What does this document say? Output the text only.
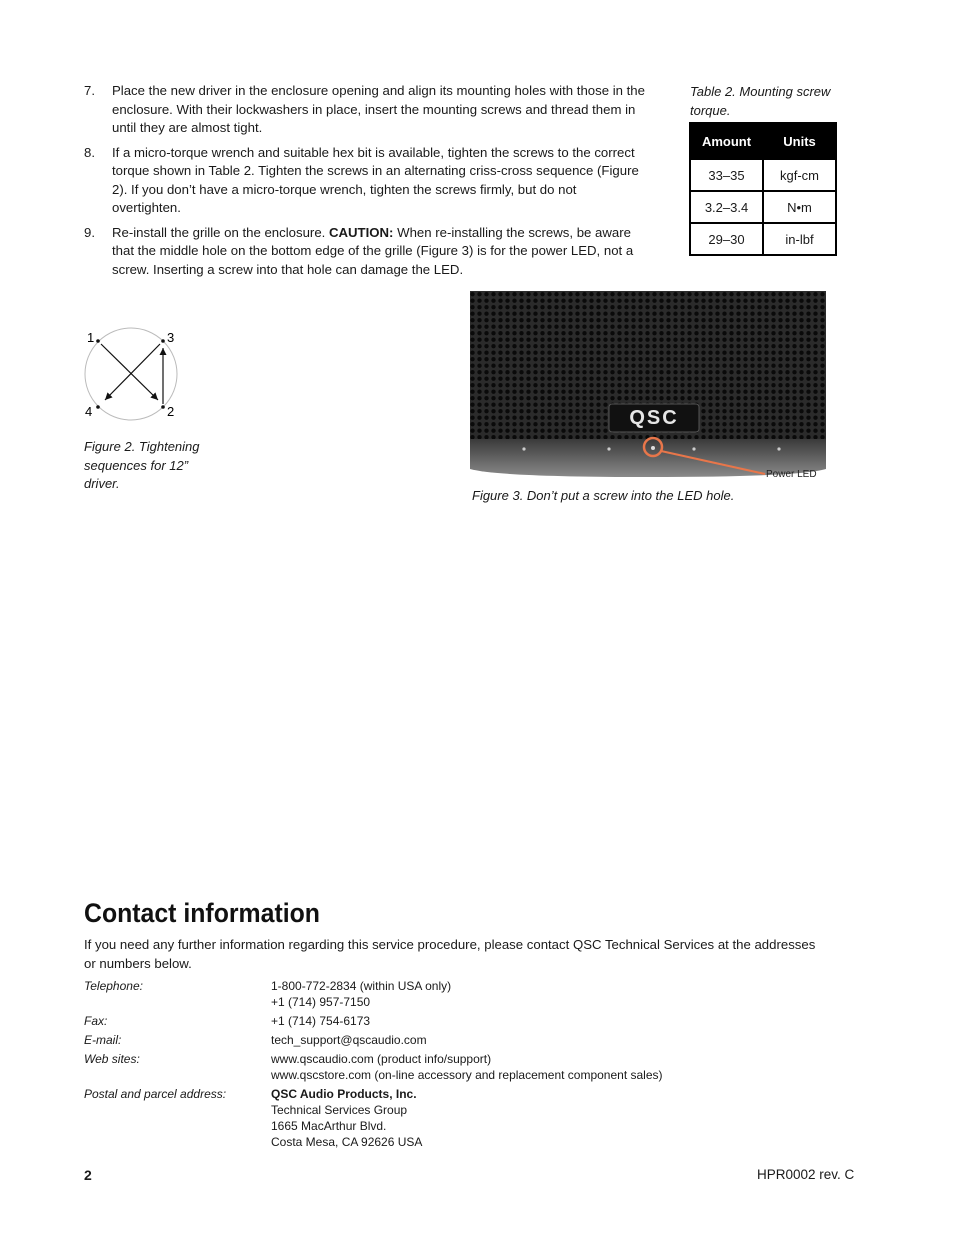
7.	Place the new driver in the enclosure opening and align its mounting holes with those in the enclosure. With their lockwashers in place, insert the mounting screws and thread them in until they are almost tight.
8.	If a micro-torque wrench and suitable hex bit is available, tighten the screws to the correct torque shown in Table 2. Tighten the screws in an alternating criss-cross sequence (Figure 2). If you don’t have a micro-torque wrench, tighten the screws firmly, but do not overtighten.
9.	Re-install the grille on the enclosure. CAUTION: When re-installing the screws, be aware that the middle hole on the bottom edge of the grille (Figure 3) is for the power LED, not a screw. Inserting a screw into that hole can damage the LED.
Table 2. Mounting screw torque.
Amount	Units
33–35	kgf-cm
3.2–3.4	N•m
29–30	in-lbf
1	3
4	2
Figure 2. Tightening sequences for 12” driver.
QSC
Power LED
Figure 3. Don’t put a screw into the LED hole.
Contact information
If you need any further information regarding this service procedure, please contact QSC Technical Services at the addresses or numbers below.
Telephone:	1-800-772-2834 (within USA only)
+1 (714) 957-7150
Fax:	+1 (714) 754-6173
E-mail:	tech_support@qscaudio.com
Web sites:	www.qscaudio.com (product info/support)
www.qscstore.com (on-line accessory and replacement component sales)
Postal and parcel address:	QSC Audio Products, Inc.
Technical Services Group
1665 MacArthur Blvd.
Costa Mesa, CA 92626 USA
2	HPR0002 rev. C
